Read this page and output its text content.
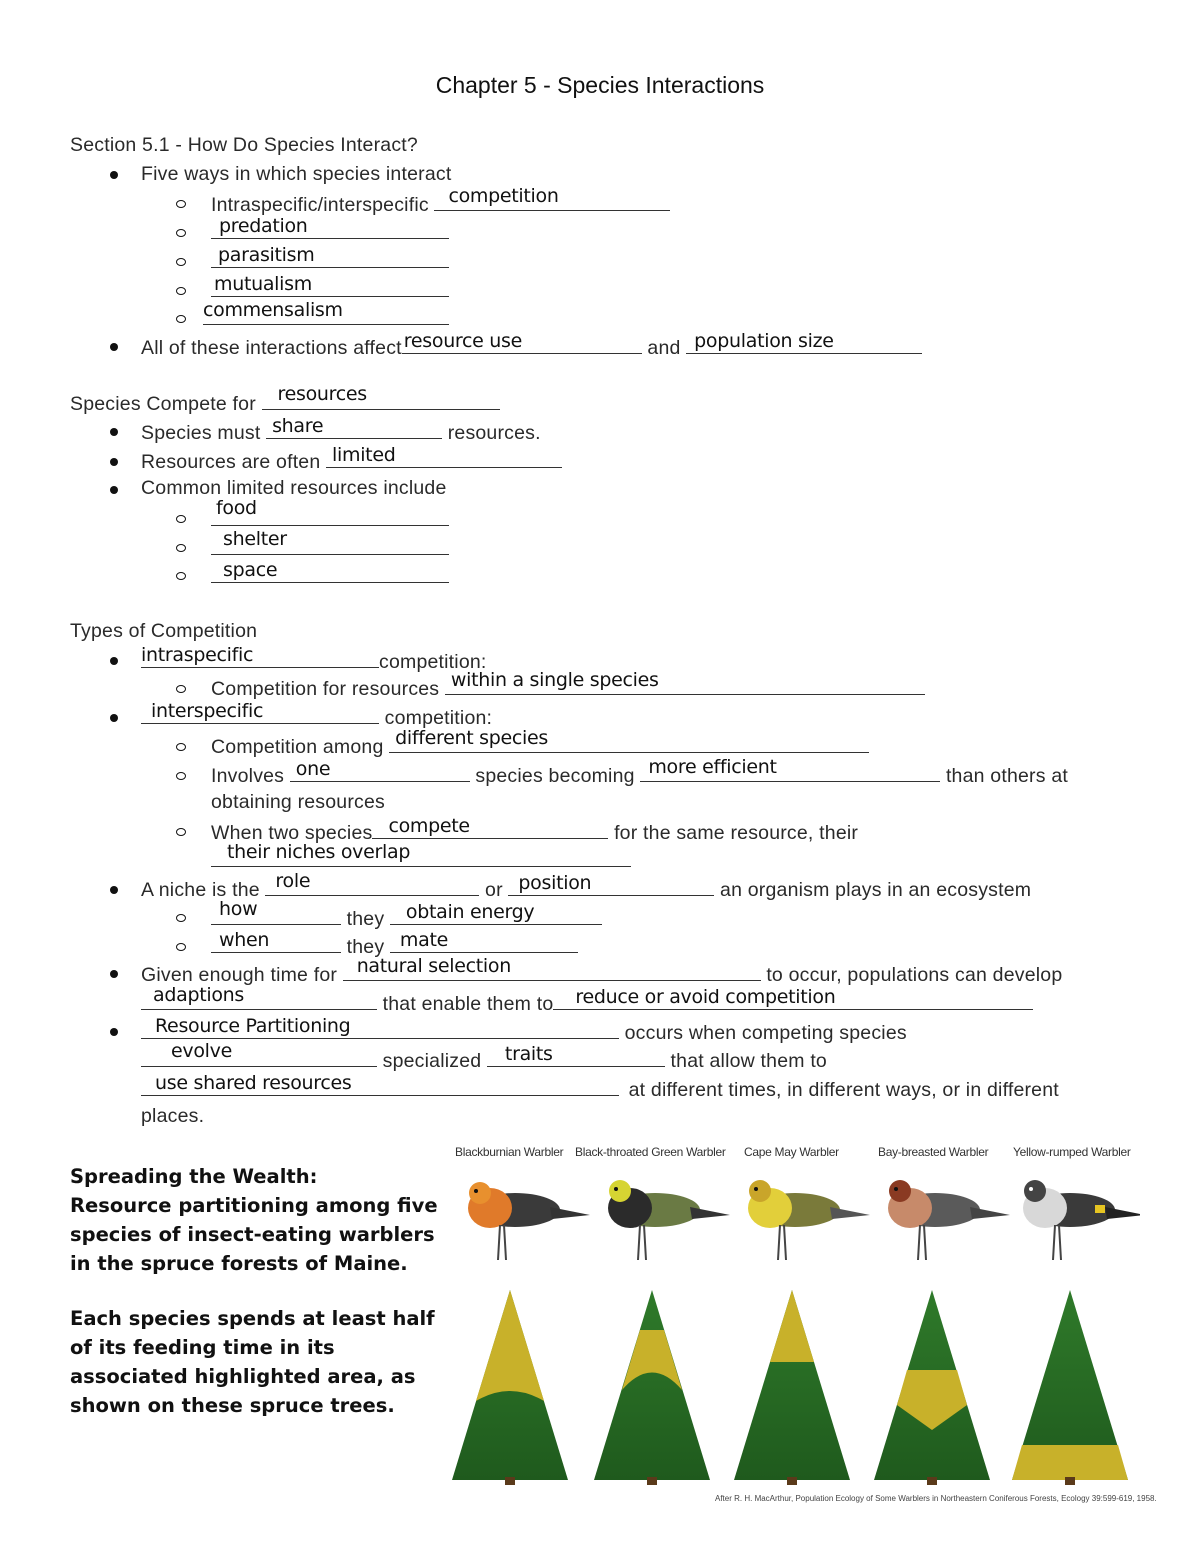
Chapter 5 - Species Interactions
Section 5.1 - How Do Species Interact?
Five ways in which species interact
Intraspecific/interspecific competition
predation
parasitism
mutualism
commensalism
All of these interactions affect resource use	and population size
Species Compete for resources
Species must share	resources.
Resources are often limited
Common limited resources include
food
shelter
space
Types of Competition
intraspecific	competition:
Competition for resources within a single species
interspecific	competition:
Competition among different species
Involves one	species becoming more efficient	than others at
obtaining resources
When two species compete	for the same resource, their
their niches overlap
A niche is the role	or position	an organism plays in an ecosystem
how	they obtain energy
when	they mate
Given enough time for natural selection	to occur, populations can develop
adaptions	that enable them to reduce or avoid competition
Resource Partitioning	occurs when competing species
evolve	specialized traits	that allow them to
use shared resources	at different times, in different ways, or in different
places.
Spreading the Wealth:
Resource partitioning among five species of insect-eating warblers in the spruce forests of Maine.
Each species spends at least half of its feeding time in its associated highlighted area, as shown on these spruce trees.
Blackburnian Warbler Black-throated Green Warbler Cape May Warbler	Bay-breasted Warbler Yellow-rumped Warbler
After R. H. MacArthur, Population Ecology of Some Warblers in Northeastern Coniferous Forests, Ecology 39:599-619, 1958.
